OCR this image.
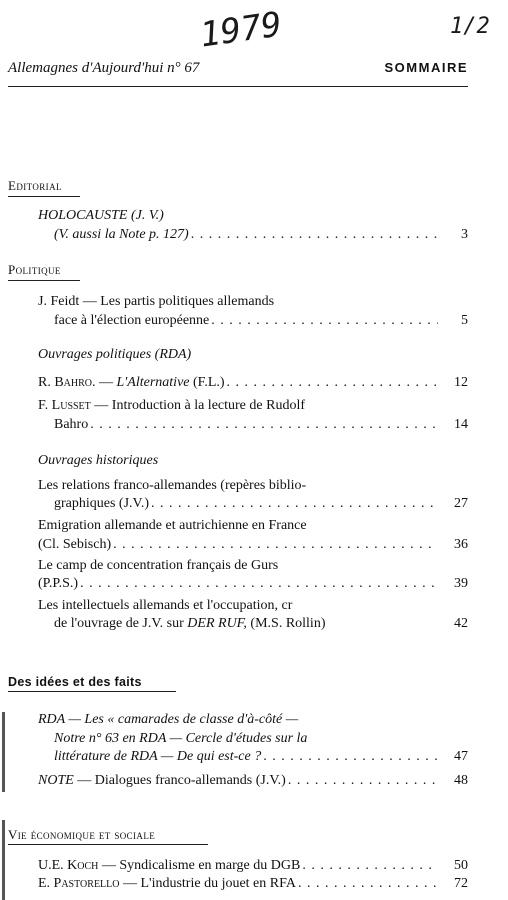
1979	1/2
Allemagnes d'Aujourd'hui n° 67	SOMMAIRE
Editorial
HOLOCAUSTE (J. V.)
(V. aussi la Note p. 127) . . .	3
Politique
J. Feidt — Les partis politiques allemands
face à l'élection européenne . . .	5
Ouvrages politiques (RDA)
R. Bahro. — L'Alternative (F.L.) . . .	12
F. Lusset — Introduction à la lecture de Rudolf
Bahro . . .	14
Ouvrages historiques
Les relations franco-allemandes (repères biblio-
graphiques (J.V.) . . .	27
Emigration allemande et autrichienne en France
(Cl. Sebisch) . . .	36
Le camp de concentration français de Gurs
(P.P.S.) . . .	39
Les intellectuels allemands et l'occupation, cr
de l'ouvrage de J.V. sur DER RUF, (M.S. Rollin)	42
Des idées et des faits
RDA — Les « camarades de classe d'à-côté —
Notre n° 63 en RDA — Cercle d'études sur la
littérature de RDA — De qui est-ce ? . . .	47
NOTE — Dialogues franco-allemands (J.V.) . . .	48
Vie économique et sociale
U.E. Koch — Syndicalisme en marge du DGB . . .	50
E. Pastorello — L'industrie du jouet en RFA . . .	72
